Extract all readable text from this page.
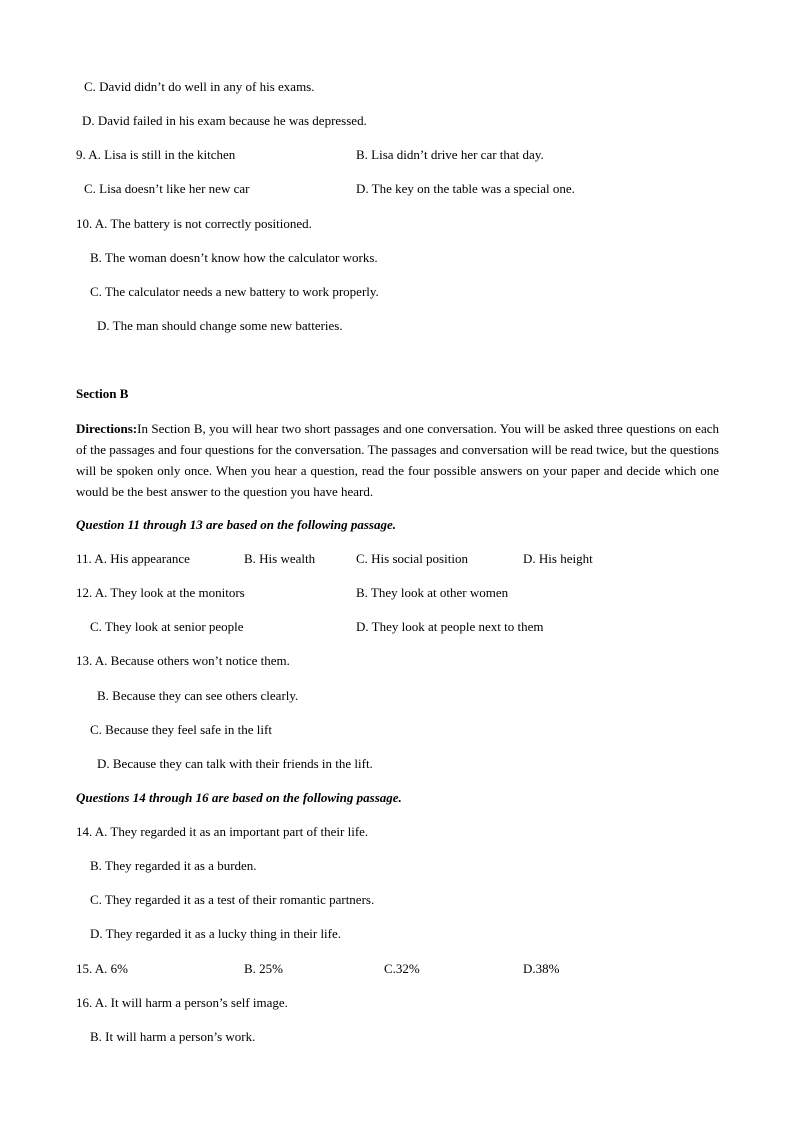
C. David didn’t do well in any of his exams.
D. David failed in his exam because he was depressed.
9. A. Lisa is still in the kitchen	B. Lisa didn’t drive her car that day.
C. Lisa doesn’t like her new car	D. The key on the table was a special one.
10. A. The battery is not correctly positioned.
B. The woman doesn’t know how the calculator works.
C. The calculator needs a new battery to work properly.
D. The man should change some new batteries.
Section B
Directions:In Section B, you will hear two short passages and one conversation. You will be asked three questions on each of the passages and four questions for the conversation. The passages and conversation will be read twice, but the questions will be spoken only once. When you hear a question, read the four possible answers on your paper and decide which one would be the best answer to the question you have heard.
Question 11 through 13 are based on the following passage.
11. A. His appearance	B. His wealth	C. His social position	D. His height
12. A. They look at the monitors	B. They look at other women
C. They look at senior people	D. They look at people next to them
13. A. Because others won’t notice them.
B. Because they can see others clearly.
C. Because they feel safe in the lift
D. Because they can talk with their friends in the lift.
Questions 14 through 16 are based on the following passage.
14. A. They regarded it as an important part of their life.
B. They regarded it as a burden.
C. They regarded it as a test of their romantic partners.
D. They regarded it as a lucky thing in their life.
15. A. 6%	B. 25%	C.32%	D.38%
16. A. It will harm a person’s self image.
B. It will harm a person’s work.
